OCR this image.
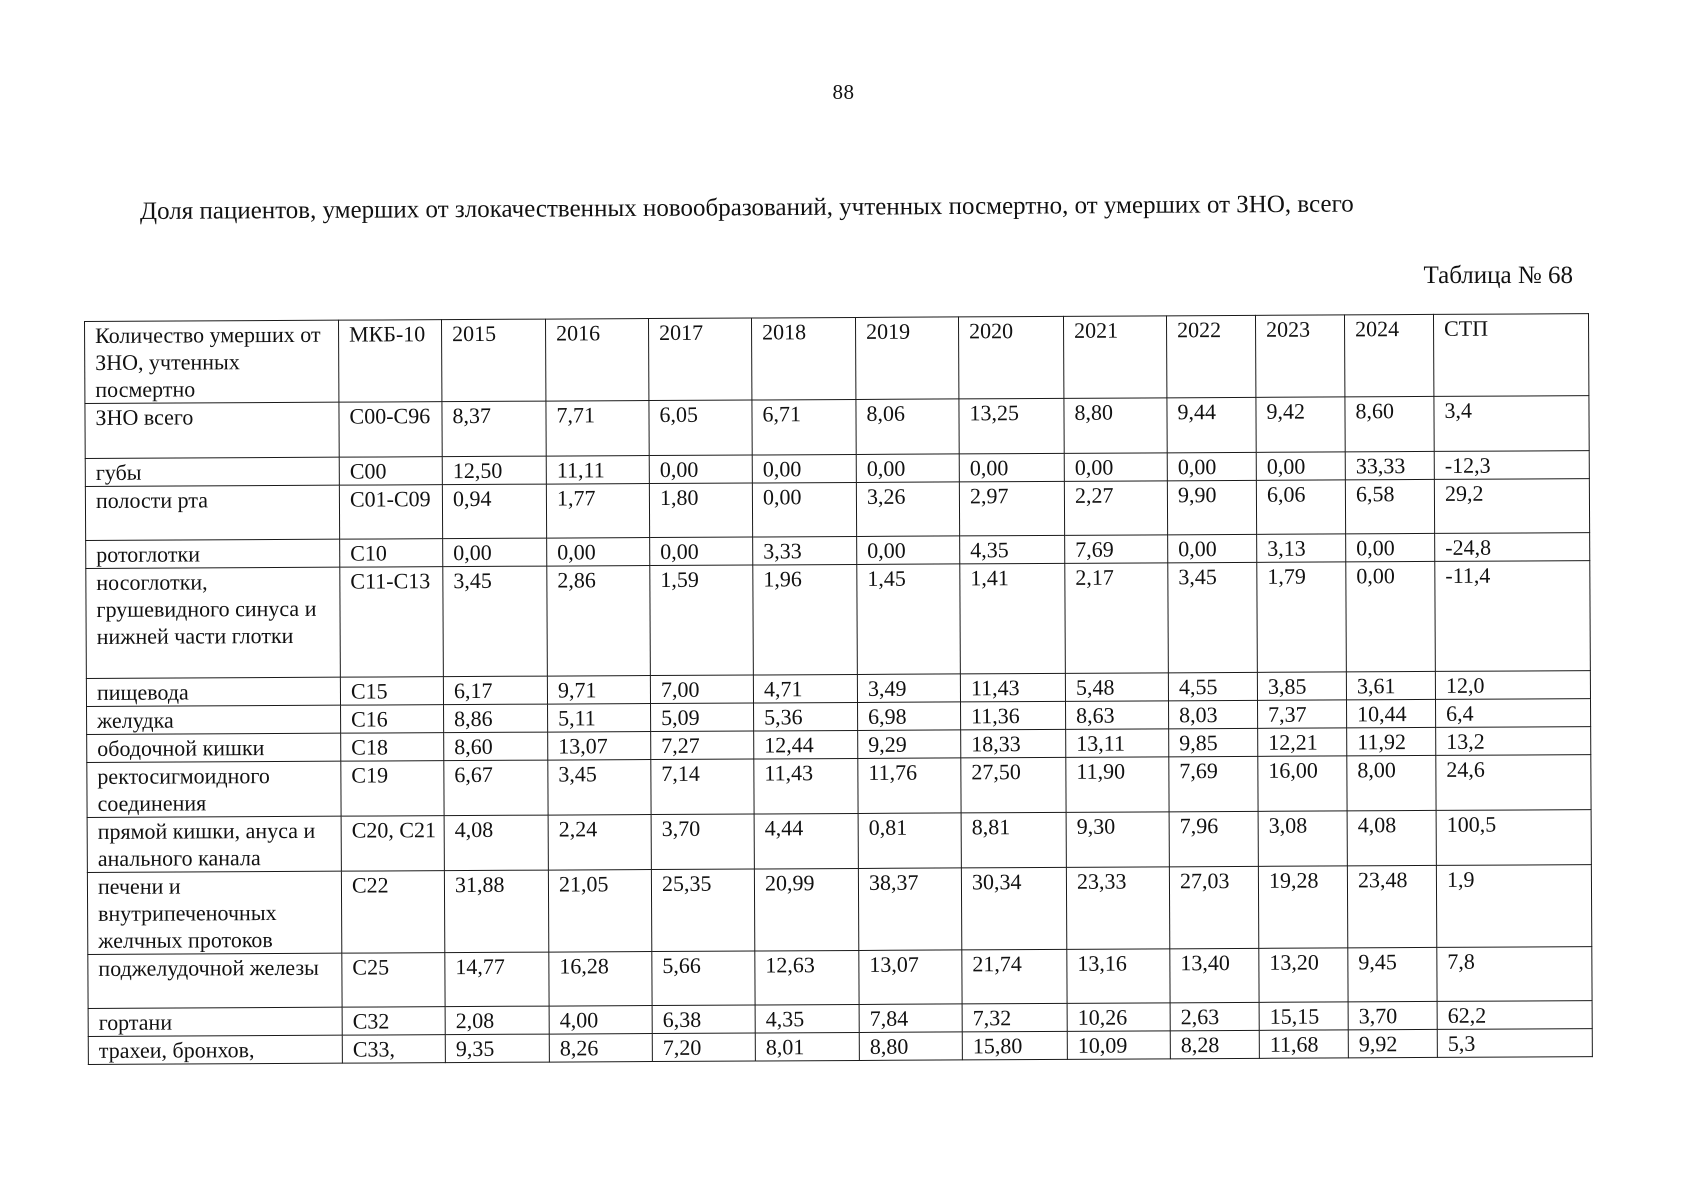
88
Доля пациентов, умерших от злокачественных новообразований, учтенных посмертно, от умерших от ЗНО, всего
Таблица № 68
Количество умерших от ЗНО, учтенных посмертно	МКБ-10	2015	2016	2017	2018	2019	2020	2021	2022	2023	2024	СТП
ЗНО всего	С00-С96	8,37	7,71	6,05	6,71	8,06	13,25	8,80	9,44	9,42	8,60	3,4
губы	С00	12,50	11,11	0,00	0,00	0,00	0,00	0,00	0,00	0,00	33,33	-12,3
полости рта	С01-С09	0,94	1,77	1,80	0,00	3,26	2,97	2,27	9,90	6,06	6,58	29,2
ротоглотки	С10	0,00	0,00	0,00	3,33	0,00	4,35	7,69	0,00	3,13	0,00	-24,8
носоглотки, грушевидного синуса и нижней части глотки	С11-С13	3,45	2,86	1,59	1,96	1,45	1,41	2,17	3,45	1,79	0,00	-11,4
пищевода	С15	6,17	9,71	7,00	4,71	3,49	11,43	5,48	4,55	3,85	3,61	12,0
желудка	С16	8,86	5,11	5,09	5,36	6,98	11,36	8,63	8,03	7,37	10,44	6,4
ободочной кишки	С18	8,60	13,07	7,27	12,44	9,29	18,33	13,11	9,85	12,21	11,92	13,2
ректосигмоидного соединения	С19	6,67	3,45	7,14	11,43	11,76	27,50	11,90	7,69	16,00	8,00	24,6
прямой кишки, ануса и анального канала	С20, С21	4,08	2,24	3,70	4,44	0,81	8,81	9,30	7,96	3,08	4,08	100,5
печени и внутрипеченочных желчных протоков	С22	31,88	21,05	25,35	20,99	38,37	30,34	23,33	27,03	19,28	23,48	1,9
поджелудочной железы	С25	14,77	16,28	5,66	12,63	13,07	21,74	13,16	13,40	13,20	9,45	7,8
гортани	С32	2,08	4,00	6,38	4,35	7,84	7,32	10,26	2,63	15,15	3,70	62,2
трахеи, бронхов,	С33,	9,35	8,26	7,20	8,01	8,80	15,80	10,09	8,28	11,68	9,92	5,3
